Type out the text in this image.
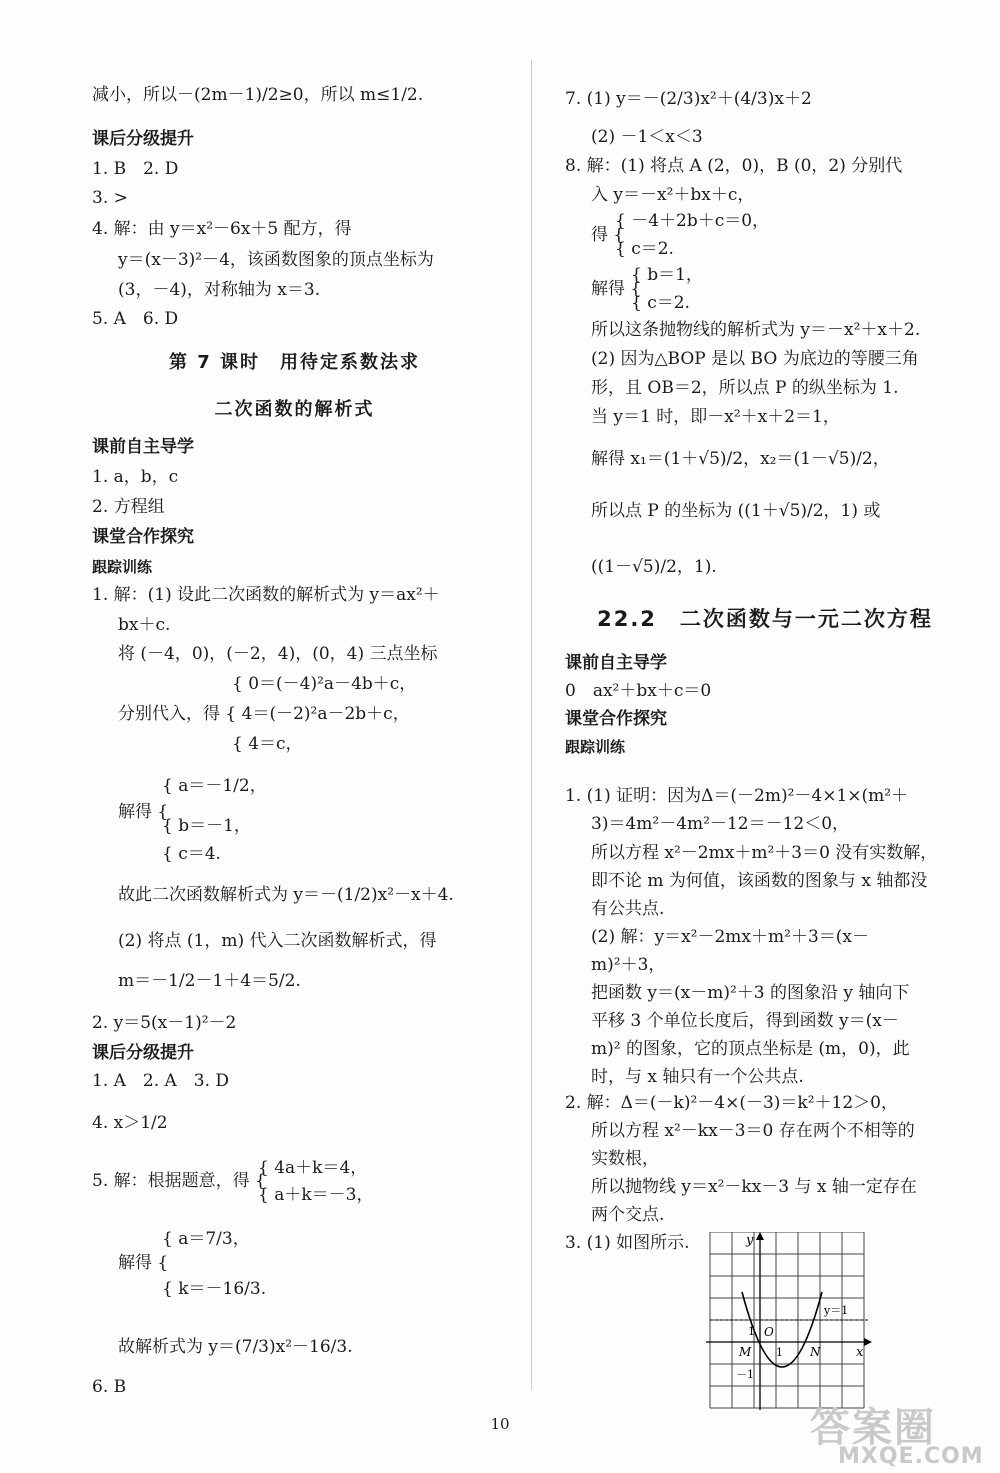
减小，所以－(2m－1)/2≥0，所以 m≤1/2.
课后分级提升
1. B　2. D
3. >
4. 解：由 y＝x²－6x＋5 配方，得
y＝(x－3)²－4，该函数图象的顶点坐标为
(3，－4)，对称轴为 x＝3.
5. A　6. D
第 7 课时　用待定系数法求
二次函数的解析式
课前自主导学
1. a，b，c
2. 方程组
课堂合作探究
跟踪训练
1. 解：(1) 设此二次函数的解析式为 y＝ax²＋
bx＋c.
将 (－4，0)，(－2，4)，(0，4) 三点坐标
{ 0＝(－4)²a－4b＋c，
分别代入，得 { 4＝(－2)²a－2b＋c，
{ 4＝c，
{ a＝－1/2，
解得 {
{ b＝－1，
{ c＝4.
故此二次函数解析式为 y＝－(1/2)x²－x＋4.
(2) 将点 (1，m) 代入二次函数解析式，得
m＝－1/2－1＋4＝5/2.
2. y＝5(x－1)²－2
课后分级提升
1. A　2. A　3. D
4. x＞1/2
{ 4a＋k＝4，
5. 解：根据题意，得 {
{ a＋k＝－3，
{ a＝7/3，
解得 {
{ k＝－16/3.
故解析式为 y＝(7/3)x²－16/3.
6. B
7. (1) y＝－(2/3)x²＋(4/3)x＋2
(2) －1＜x＜3
8. 解：(1) 将点 A (2，0)，B (0，2) 分别代
入 y＝－x²＋bx＋c，
{ －4＋2b＋c＝0，
得 {
{ c＝2.
{ b＝1，
解得 {
{ c＝2.
所以这条抛物线的解析式为 y＝－x²＋x＋2.
(2) 因为△BOP 是以 BO 为底边的等腰三角
形，且 OB＝2，所以点 P 的纵坐标为 1.
当 y＝1 时，即－x²＋x＋2＝1，
解得 x₁＝(1＋√5)/2，x₂＝(1－√5)/2，
所以点 P 的坐标为 ((1＋√5)/2，1) 或
((1－√5)/2，1).
22.2　二次函数与一元二次方程
课前自主导学
0　ax²＋bx＋c＝0
课堂合作探究
跟踪训练
1. (1) 证明：因为Δ＝(－2m)²－4×1×(m²＋
3)＝4m²－4m²－12＝－12＜0，
所以方程 x²－2mx＋m²＋3＝0 没有实数解，
即不论 m 为何值，该函数的图象与 x 轴都没
有公共点.
(2) 解：y＝x²－2mx＋m²＋3＝(x－
m)²＋3，
把函数 y＝(x－m)²＋3 的图象沿 y 轴向下
平移 3 个单位长度后，得到函数 y＝(x－
m)² 的图象，它的顶点坐标是 (m，0)，此
时，与 x 轴只有一个公共点.
2. 解：Δ＝(－k)²－4×(－3)＝k²＋12＞0，
所以方程 x²－kx－3＝0 存在两个不相等的
实数根，
所以抛物线 y＝x²－kx－3 与 x 轴一定存在
两个交点.
3. (1) 如图所示.	y
x
O
1
1
－1
M	N
y＝1
10	答案圈
MXQE.COM
